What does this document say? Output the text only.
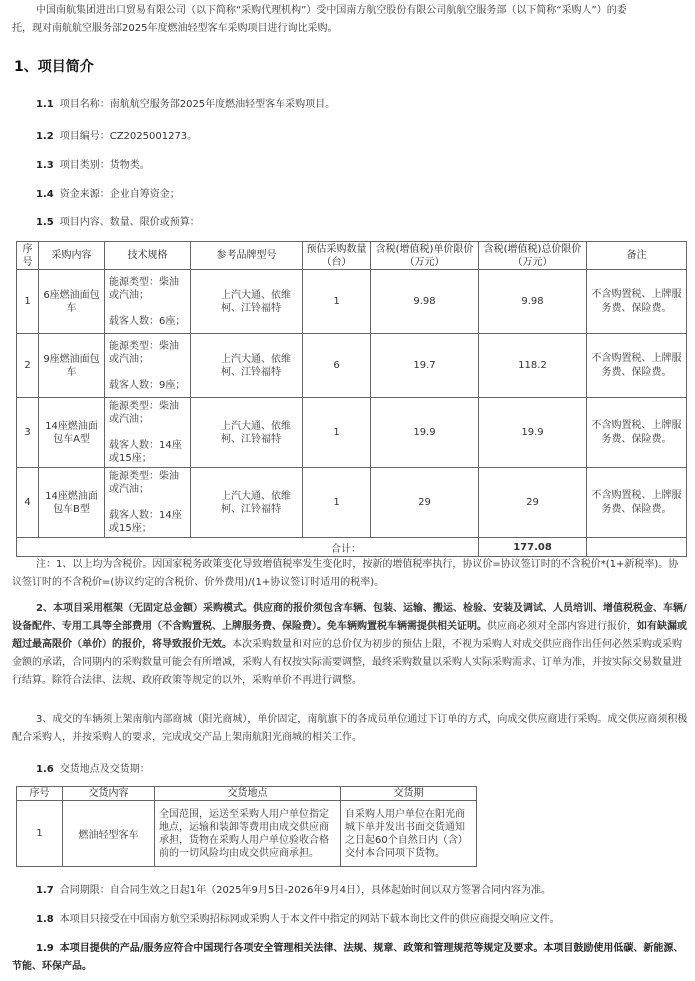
中国南航集团进出口贸易有限公司（以下简称“采购代理机构”）受中国南方航空股份有限公司航航空服务部（以下简称“采购人”）的委
托，现对南航航空服务部2025年度燃油轻型客车采购项目进行询比采购。
1、项目简介
1.1 项目名称：南航航空服务部2025年度燃油轻型客车采购项目。
1.2 项目编号：CZ2025001273。
1.3 项目类别：货物类。
1.4 资金来源：企业自筹资金；
1.5 项目内容、数量、限价或预算：
序号	采购内容	技术规格	参考品牌型号	预估采购数量（台）	含税(增值税)单价限价（万元）	含税(增值税)总价限价（万元）	备注
1	6座燃油面包车	能源类型：柴油或汽油；
载客人数：6座；	上汽大通、依维柯、江铃福特	1	9.98	9.98	不含购置税、上牌服务费、保险费。
2	9座燃油面包车	能源类型：柴油或汽油；
载客人数：9座；	上汽大通、依维柯、江铃福特	6	19.7	118.2	不含购置税、上牌服务费、保险费。
3	14座燃油面包车A型	能源类型：柴油或汽油；
载客人数：14座或15座；	上汽大通、依维柯、江铃福特	1	19.9	19.9	不含购置税、上牌服务费、保险费。
4	14座燃油面包车B型	能源类型：柴油或汽油；
载客人数：14座或15座；	上汽大通、依维柯、江铃福特	1	29	29	不含购置税、上牌服务费、保险费。
合计：						177.08	
注：1、以上均为含税价。因国家税务政策变化导致增值税率发生变化时，按新的增值税率执行，协议价=协议签订时的不含税价*(1+新税率)。协议签订时的不含税价=(协议约定的含税价、价外费用)/(1+协议签订时适用的税率)。
2、本项目采用框架（无固定总金额）采购模式。供应商的报价须包含车辆、包装、运输、搬运、检验、安装及调试、人员培训、增值税税金、车辆/设备配件、专用工具等全部费用（不含购置税、上牌服务费、保险费）。免车辆购置税车辆需提供相关证明。供应商必须对全部内容进行报价，如有缺漏或超过最高限价（单价）的报价，将导致报价无效。本次采购数量和对应的总价仅为初步的预估上限，不视为采购人对成交供应商作出任何必然采购或采购金额的承诺，合同期内的采购数量可能会有所增减，采购人有权按实际需要调整，最终采购数量以采购人实际采购需求、订单为准，并按实际交易数量进行结算。除符合法律、法规、政府政策等规定的以外，采购单价不再进行调整。
3、成交的车辆须上架南航内部商城（阳光商城），单价固定，南航旗下的各成员单位通过下订单的方式，向成交供应商进行采购。成交供应商须积极配合采购人，并按采购人的要求，完成成交产品上架南航阳光商城的相关工作。
1.6 交货地点及交货期：
序号	交货内容	交货地点	交货期
1	燃油轻型客车	全国范围，运送至采购人用户单位指定地点，运输和装卸等费用由成交供应商承担，货物在采购人用户单位验收合格前的一切风险均由成交供应商承担。	自采购人用户单位在阳光商城下单并发出书面交货通知之日起60个自然日内（含）交付本合同项下货物。
1.7 合同期限：自合同生效之日起1年（2025年9月5日-2026年9月4日），具体起始时间以双方签署合同内容为准。
1.8 本项目只接受在中国南方航空采购招标网或采购人于本文件中指定的网站下载本询比文件的供应商提交响应文件。
1.9 本项目提供的产品/服务应符合中国现行各项安全管理相关法律、法规、规章、政策和管理规范等规定及要求。本项目鼓励使用低碳、新能源、节能、环保产品。
